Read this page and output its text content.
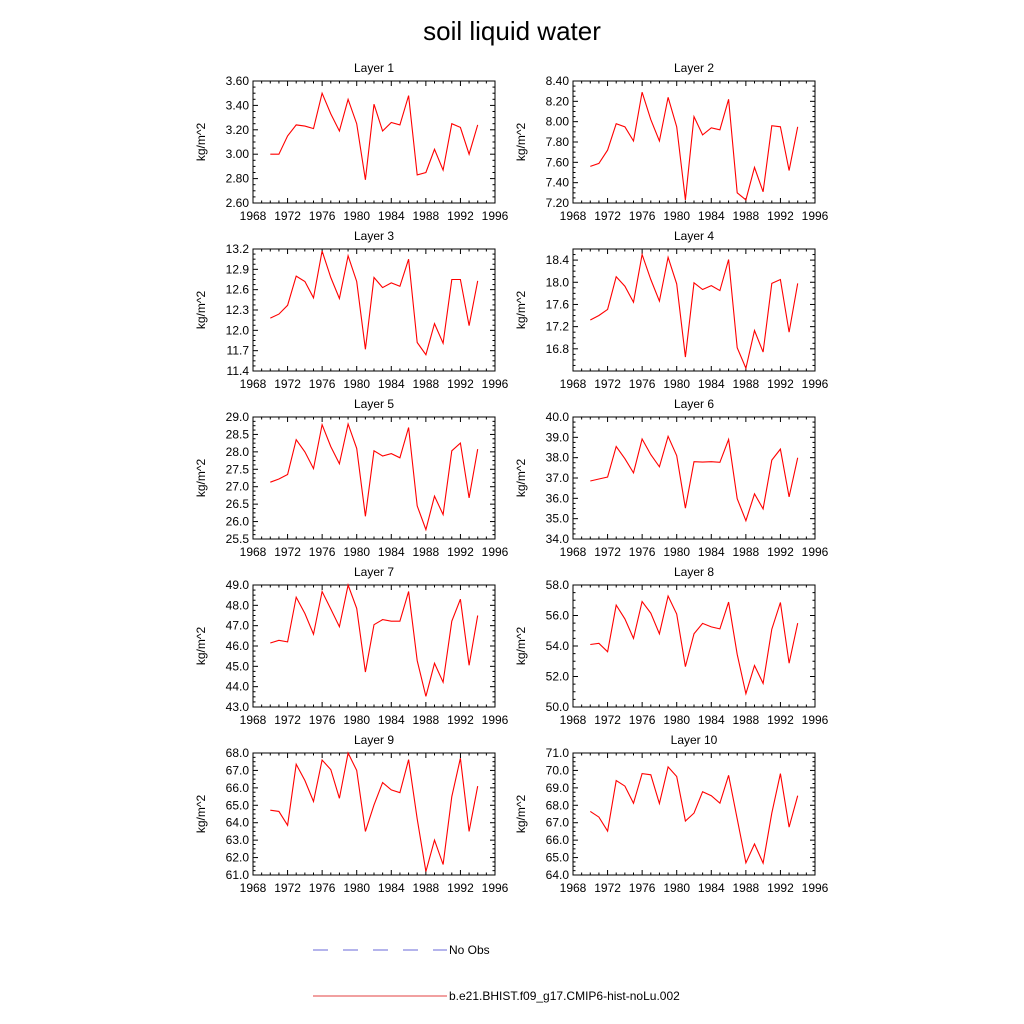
soil liquid water
Layer 1
kg/m^2
1968 1972 1976 1980 1984 1988 1992 1996
2.60
2.80
3.00
3.20
3.40
3.60
Layer 2
kg/m^2
1968 1972 1976 1980 1984 1988 1992 1996
7.20
7.40
7.60
7.80
8.00
8.20
8.40
Layer 3
kg/m^2
1968 1972 1976 1980 1984 1988 1992 1996
11.4
11.7
12.0
12.3
12.6
12.9
13.2
Layer 4
kg/m^2
1968 1972 1976 1980 1984 1988 1992 1996
16.8
17.2
17.6
18.0
18.4
Layer 5
kg/m^2
1968 1972 1976 1980 1984 1988 1992 1996
25.5
26.0
26.5
27.0
27.5
28.0
28.5
29.0
Layer 6
kg/m^2
1968 1972 1976 1980 1984 1988 1992 1996
34.0
35.0
36.0
37.0
38.0
39.0
40.0
Layer 7
kg/m^2
1968 1972 1976 1980 1984 1988 1992 1996
43.0
44.0
45.0
46.0
47.0
48.0
49.0
Layer 8
kg/m^2
1968 1972 1976 1980 1984 1988 1992 1996
50.0
52.0
54.0
56.0
58.0
Layer 9
kg/m^2
1968 1972 1976 1980 1984 1988 1992 1996
61.0
62.0
63.0
64.0
65.0
66.0
67.0
68.0
Layer 10
kg/m^2
1968 1972 1976 1980 1984 1988 1992 1996
64.0
65.0
66.0
67.0
68.0
69.0
70.0
71.0
No Obs
b.e21.BHIST.f09_g17.CMIP6-hist-noLu.002
